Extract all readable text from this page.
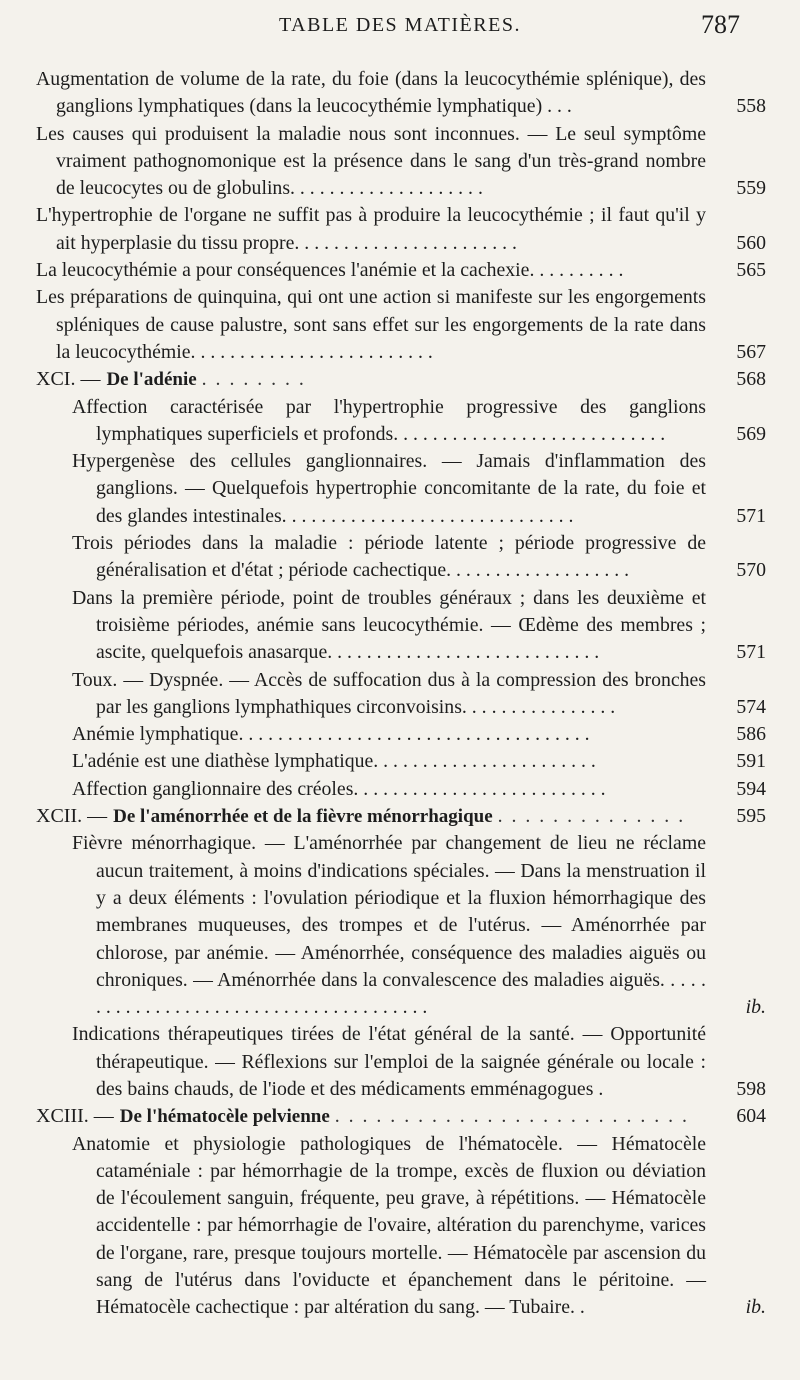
TABLE DES MATIÈRES.	787
Augmentation de volume de la rate, du foie (dans la leucocythémie splénique), des ganglions lymphatiques (dans la leucocythémie lymphatique) . . .	558
Les causes qui produisent la maladie nous sont inconnues. — Le seul symptôme vraiment pathognomonique est la présence dans le sang d'un très-grand nombre de leucocytes ou de globulins. . . . . . . . . . . . . . . . . . . .	559
L'hypertrophie de l'organe ne suffit pas à produire la leucocythémie ; il faut qu'il y ait hyperplasie du tissu propre. . . . . . . . . . . . . . . . . . . . . . .	560
La leucocythémie a pour conséquences l'anémie et la cachexie. . . . . . . . . .	565
Les préparations de quinquina, qui ont une action si manifeste sur les engorgements spléniques de cause palustre, sont sans effet sur les engorgements de la rate dans la leucocythémie. . . . . . . . . . . . . . . . . . . . . . . . .	567
XCI. — De l'adénie . . . . . . . .	568
Affection caractérisée par l'hypertrophie progressive des ganglions lymphatiques superficiels et profonds. . . . . . . . . . . . . . . . . . . . . . . . . . . .	569
Hypergenèse des cellules ganglionnaires. — Jamais d'inflammation des ganglions. — Quelquefois hypertrophie concomitante de la rate, du foie et des glandes intestinales. . . . . . . . . . . . . . . . . . . . . . . . . . . . . .	571
Trois périodes dans la maladie : période latente ; période progressive de généralisation et d'état ; période cachectique. . . . . . . . . . . . . . . . . . .	570
Dans la première période, point de troubles généraux ; dans les deuxième et troisième périodes, anémie sans leucocythémie. — Œdème des membres ; ascite, quelquefois anasarque. . . . . . . . . . . . . . . . . . . . . . . . . . . .	571
Toux. — Dyspnée. — Accès de suffocation dus à la compression des bronches par les ganglions lymphathiques circonvoisins. . . . . . . . . . . . . . . .	574
Anémie lymphatique. . . . . . . . . . . . . . . . . . . . . . . . . . . . . . . . . . . .	586
L'adénie est une diathèse lymphatique. . . . . . . . . . . . . . . . . . . . . . .	591
Affection ganglionnaire des créoles. . . . . . . . . . . . . . . . . . . . . . . . . .	594
XCII. — De l'aménorrhée et de la fièvre ménorrhagique . . . . . . . . . . . . . .	595
Fièvre ménorrhagique. — L'aménorrhée par changement de lieu ne réclame aucun traitement, à moins d'indications spéciales. — Dans la menstruation il y a deux éléments : l'ovulation périodique et la fluxion hémorrhagique des membranes muqueuses, des trompes et de l'utérus. — Aménorrhée par chlorose, par anémie. — Aménorrhée, conséquence des maladies aiguës ou chroniques. — Aménorrhée dans la convalescence des maladies aiguës. . . . . . . . . . . . . . . . . . . . . . . . . . . . . . . . . . . . . . .	ib.
Indications thérapeutiques tirées de l'état général de la santé. — Opportunité thérapeutique. — Réflexions sur l'emploi de la saignée générale ou locale : des bains chauds, de l'iode et des médicaments emménagogues .	598
XCIII. — De l'hématocèle pelvienne . . . . . . . . . . . . . . . . . . . . . . . . . .	604
Anatomie et physiologie pathologiques de l'hématocèle. — Hématocèle cataméniale : par hémorrhagie de la trompe, excès de fluxion ou déviation de l'écoulement sanguin, fréquente, peu grave, à répétitions. — Hématocèle accidentelle : par hémorrhagie de l'ovaire, altération du parenchyme, varices de l'organe, rare, presque toujours mortelle. — Hématocèle par ascension du sang de l'utérus dans l'oviducte et épanchement dans le péritoine. — Hématocèle cachectique : par altération du sang. — Tubaire. .	ib.
